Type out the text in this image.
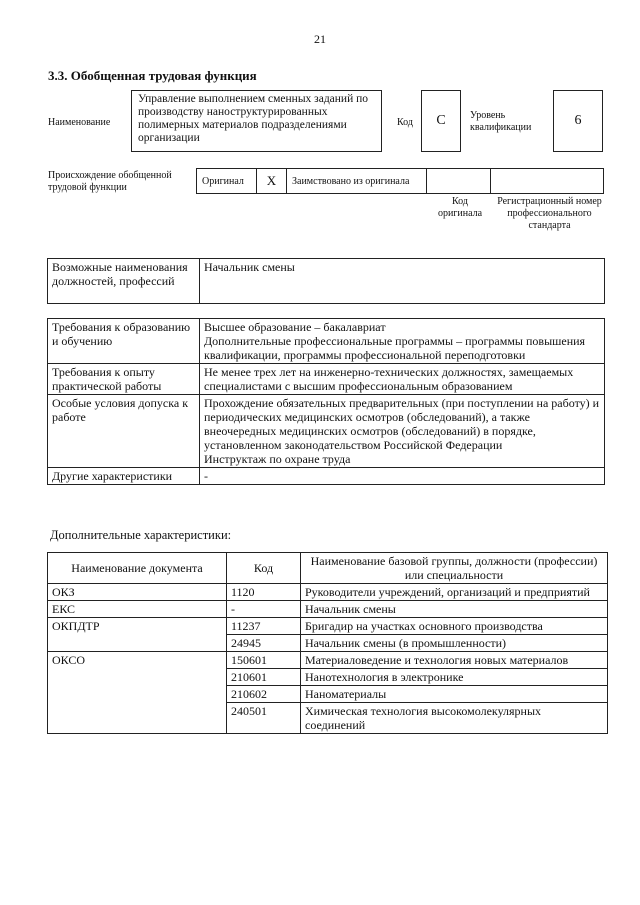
21
3.3. Обобщенная трудовая функция
Наименование
Управление выполнением сменных заданий по производству наноструктурированных полимерных материалов подразделениями организации
Код	C	Уровень квалификации	6
Происхождение обобщенной трудовой функции
Оригинал	X	Заимствовано из оригинала
Код оригинала
Регистрационный номер профессионального стандарта
Возможные наименования должностей, профессий	Начальник смены
Требования к образованию и обучению	Высшее образование – бакалавриат
Дополнительные профессиональные программы – программы повышения квалификации, программы профессиональной переподготовки
Требования к опыту практической работы	Не менее трех лет на инженерно-технических должностях, замещаемых специалистами с высшим профессиональным образованием
Особые условия допуска к работе	Прохождение обязательных предварительных (при поступлении на работу) и периодических медицинских осмотров (обследований), а также внеочередных медицинских осмотров (обследований) в порядке, установленном законодательством Российской Федерации
Инструктаж по охране труда
Другие характеристики	-
Дополнительные характеристики:
Наименование документа	Код	Наименование базовой группы, должности (профессии) или специальности
ОКЗ	1120	Руководители учреждений, организаций и предприятий
ЕКС	-	Начальник смены
ОКПДТР	11237	Бригадир на участках основного производства
	24945	Начальник смены (в промышленности)
ОКСО	150601	Материаловедение и технология новых материалов
	210601	Нанотехнология в электронике
	210602	Наноматериалы
	240501	Химическая технология высокомолекулярных соединений
